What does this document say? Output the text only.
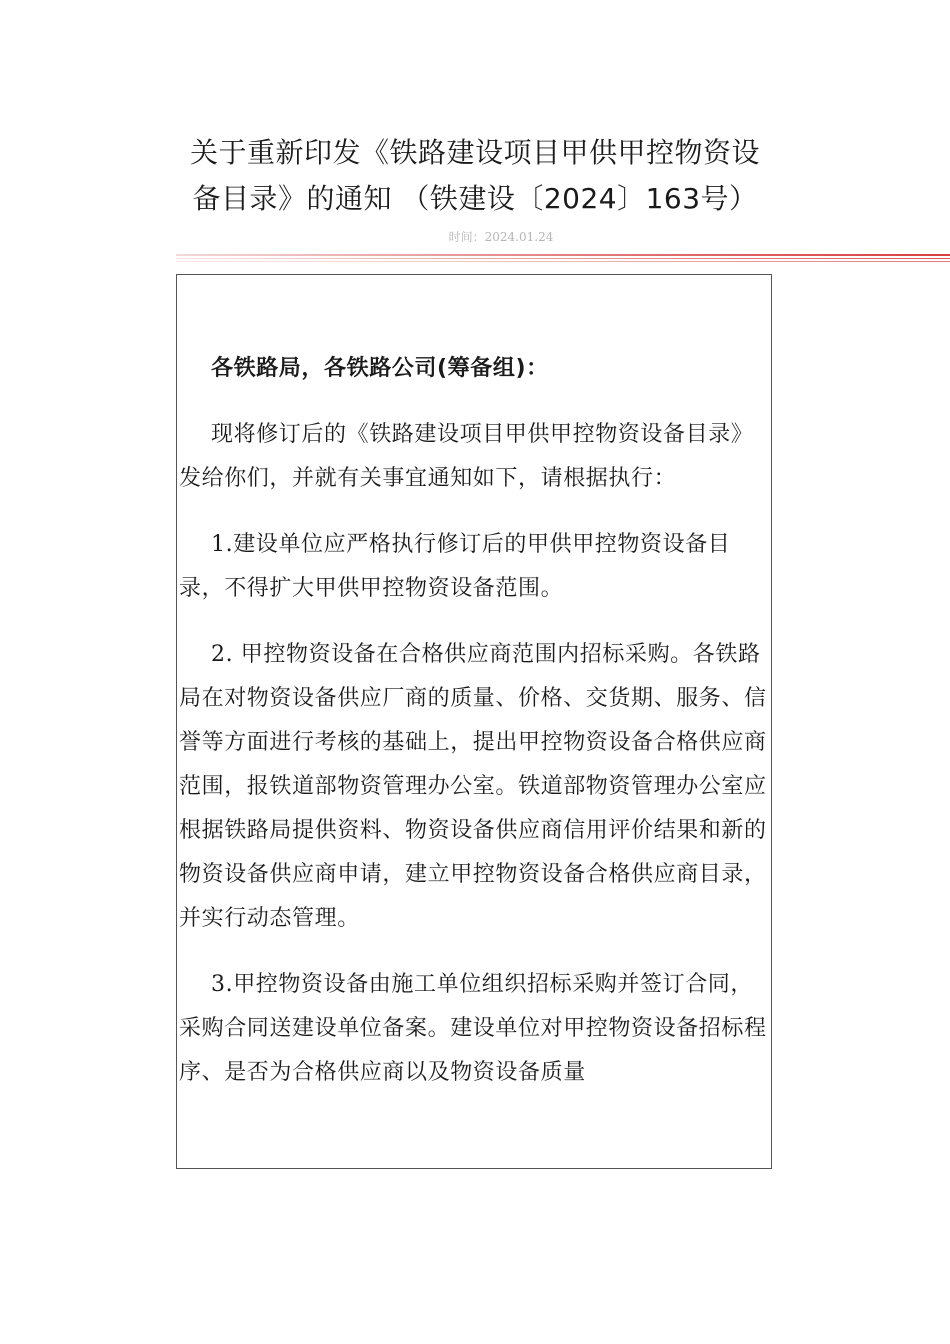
关于重新印发《铁路建设项目甲供甲控物资设
备目录》的通知 （铁建设〔2024〕163号）
时间：2024.01.24

各铁路局，各铁路公司(筹备组)：

现将修订后的《铁路建设项目甲供甲控物资设备目录》发给你们，并就有关事宜通知如下，请根据执行：

1.建设单位应严格执行修订后的甲供甲控物资设备目录，不得扩大甲供甲控物资设备范围。

2. 甲控物资设备在合格供应商范围内招标采购。各铁路局在对物资设备供应厂商的质量、价格、交货期、服务、信誉等方面进行考核的基础上，提出甲控物资设备合格供应商范围，报铁道部物资管理办公室。铁道部物资管理办公室应根据铁路局提供资料、物资设备供应商信用评价结果和新的物资设备供应商申请，建立甲控物资设备合格供应商目录，并实行动态管理。

3.甲控物资设备由施工单位组织招标采购并签订合同，采购合同送建设单位备案。建设单位对甲控物资设备招标程序、是否为合格供应商以及物资设备质量
